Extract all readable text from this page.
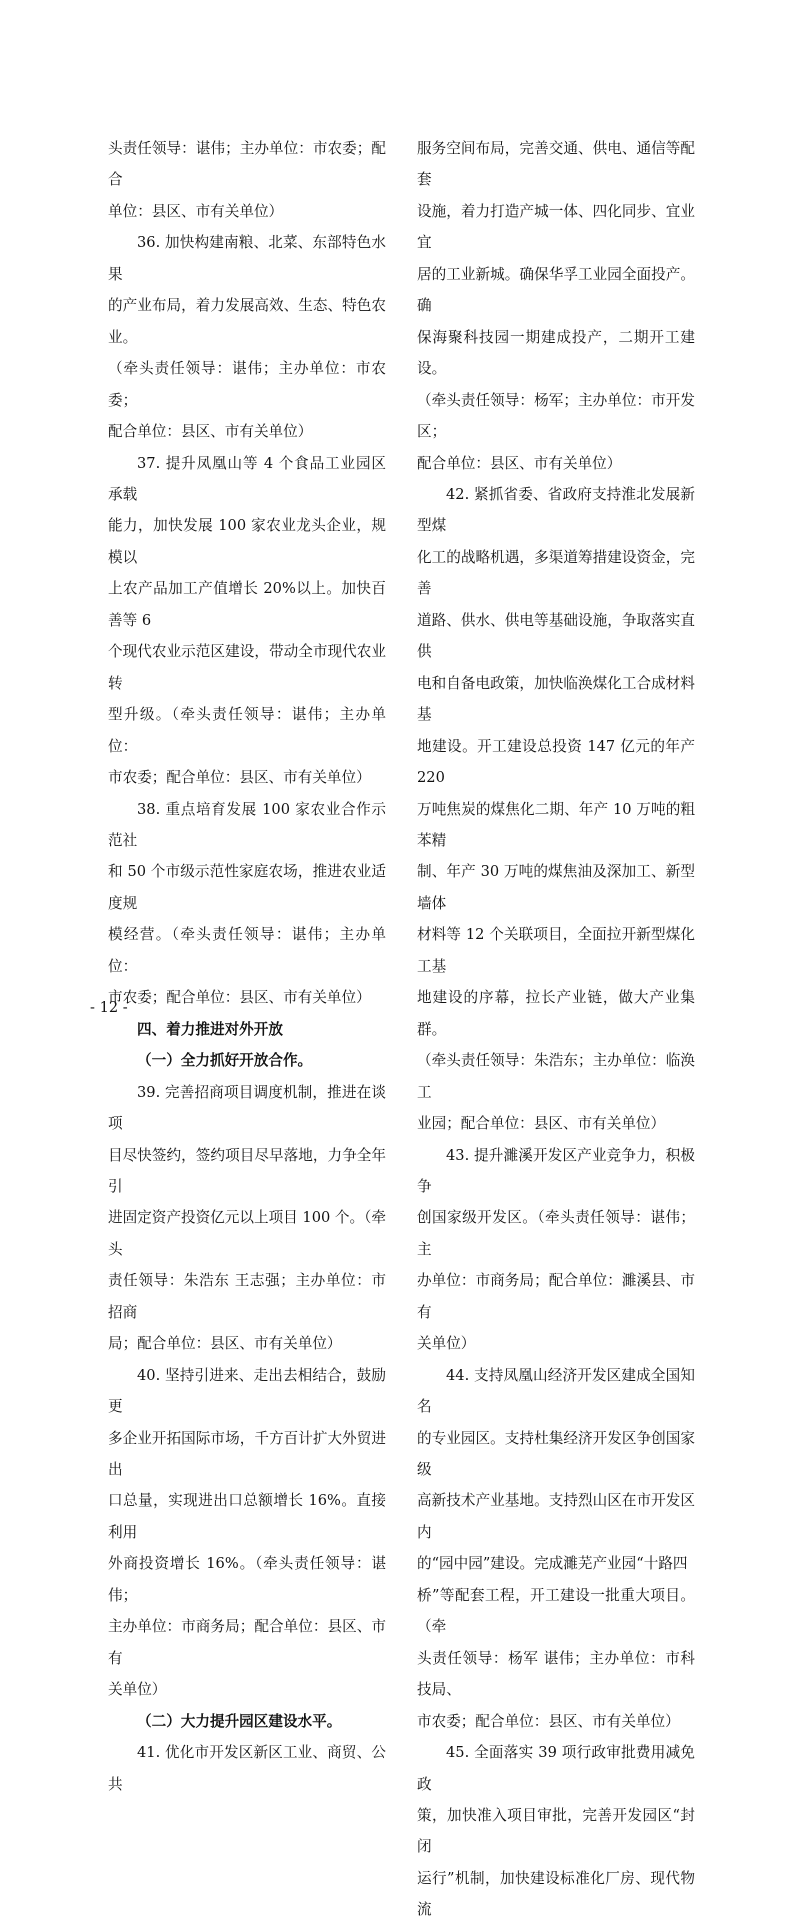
头责任领导：谌伟；主办单位：市农委；配合
单位：县区、市有关单位）

36. 加快构建南粮、北菜、东部特色水果
的产业布局，着力发展高效、生态、特色农业。
（牵头责任领导：谌伟；主办单位：市农委；
配合单位：县区、市有关单位）

37. 提升凤凰山等 4 个食品工业园区承载
能力，加快发展 100 家农业龙头企业，规模以
上农产品加工产值增长 20%以上。加快百善等 6
个现代农业示范区建设，带动全市现代农业转
型升级。（牵头责任领导：谌伟；主办单位：
市农委；配合单位：县区、市有关单位）

38. 重点培育发展 100 家农业合作示范社
和 50 个市级示范性家庭农场，推进农业适度规
模经营。（牵头责任领导：谌伟；主办单位：
市农委；配合单位：县区、市有关单位）

四、着力推进对外开放

（一）全力抓好开放合作。

39. 完善招商项目调度机制，推进在谈项
目尽快签约，签约项目尽早落地，力争全年引
进固定资产投资亿元以上项目 100 个。（牵头
责任领导：朱浩东 王志强；主办单位：市招商
局；配合单位：县区、市有关单位）

40. 坚持引进来、走出去相结合，鼓励更
多企业开拓国际市场，千方百计扩大外贸进出
口总量，实现进出口总额增长 16%。直接利用
外商投资增长 16%。（牵头责任领导：谌伟；
主办单位：市商务局；配合单位：县区、市有
关单位）

（二）大力提升园区建设水平。

41. 优化市开发区新区工业、商贸、公共

服务空间布局，完善交通、供电、通信等配套
设施，着力打造产城一体、四化同步、宜业宜
居的工业新城。确保华孚工业园全面投产。确
保海聚科技园一期建成投产，二期开工建设。
（牵头责任领导：杨军；主办单位：市开发区；
配合单位：县区、市有关单位）

42. 紧抓省委、省政府支持淮北发展新型煤
化工的战略机遇，多渠道筹措建设资金，完善
道路、供水、供电等基础设施，争取落实直供
电和自备电政策，加快临涣煤化工合成材料基
地建设。开工建设总投资 147 亿元的年产 220
万吨焦炭的煤焦化二期、年产 10 万吨的粗苯精
制、年产 30 万吨的煤焦油及深加工、新型墙体
材料等 12 个关联项目，全面拉开新型煤化工基
地建设的序幕，拉长产业链，做大产业集群。
（牵头责任领导：朱浩东；主办单位：临涣工
业园；配合单位：县区、市有关单位）

43. 提升濉溪开发区产业竞争力，积极争
创国家级开发区。（牵头责任领导：谌伟；主
办单位：市商务局；配合单位：濉溪县、市有
关单位）

44. 支持凤凰山经济开发区建成全国知名
的专业园区。支持杜集经济开发区争创国家级
高新技术产业基地。支持烈山区在市开发区内
的“园中园”建设。完成濉芜产业园“十路四
桥”等配套工程，开工建设一批重大项目。（牵
头责任领导：杨军 谌伟；主办单位：市科技局、
市农委；配合单位：县区、市有关单位）

45. 全面落实 39 项行政审批费用减免政
策，加快准入项目审批，完善开发园区“封闭
运行”机制，加快建设标准化厂房、现代物流

- 12 -
